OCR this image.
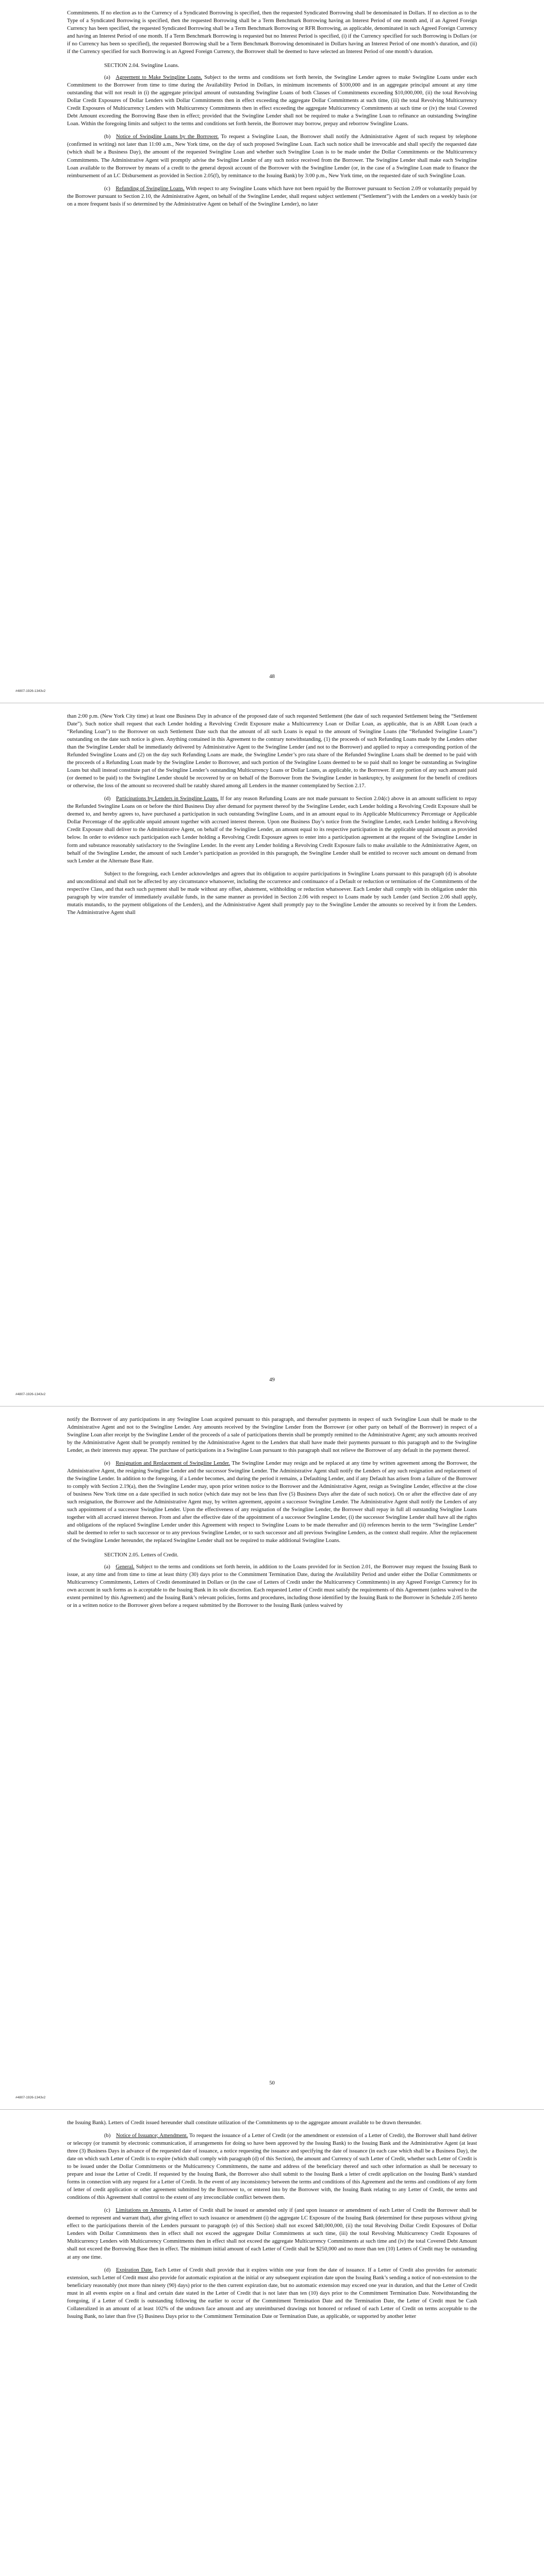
Commitments. If no election as to the Currency of a Syndicated Borrowing is specified, then the requested Syndicated Borrowing shall be denominated in Dollars. If no election as to the Type of a Syndicated Borrowing is specified, then the requested Borrowing shall be a Term Benchmark Borrowing having an Interest Period of one month and, if an Agreed Foreign Currency has been specified, the requested Syndicated Borrowing shall be a Term Benchmark Borrowing or RFR Borrowing, as applicable, denominated in such Agreed Foreign Currency and having an Interest Period of one month. If a Term Benchmark Borrowing is requested but no Interest Period is specified, (i) if the Currency specified for such Borrowing is Dollars (or if no Currency has been so specified), the requested Borrowing shall be a Term Benchmark Borrowing denominated in Dollars having an Interest Period of one month’s duration, and (ii) if the Currency specified for such Borrowing is an Agreed Foreign Currency, the Borrower shall be deemed to have selected an Interest Period of one month’s duration.

SECTION 2.04. Swingline Loans.

(a)  Agreement to Make Swingline Loans. Subject to the terms and conditions set forth herein, the Swingline Lender agrees to make Swingline Loans under each Commitment to the Borrower from time to time during the Availability Period in Dollars, in minimum increments of $100,000 and in an aggregate principal amount at any time outstanding that will not result in (i) the aggregate principal amount of outstanding Swingline Loans of both Classes of Commitments exceeding $10,000,000, (ii) the total Revolving Dollar Credit Exposures of Dollar Lenders with Dollar Commitments then in effect exceeding the aggregate Dollar Commitments at such time, (iii) the total Revolving Multicurrency Credit Exposures of Multicurrency Lenders with Multicurrency Commitments then in effect exceeding the aggregate Multicurrency Commitments at such time or (iv) the total Covered Debt Amount exceeding the Borrowing Base then in effect; provided that the Swingline Lender shall not be required to make a Swingline Loan to refinance an outstanding Swingline Loan. Within the foregoing limits and subject to the terms and conditions set forth herein, the Borrower may borrow, prepay and reborrow Swingline Loans.

(b)  Notice of Swingline Loans by the Borrower. To request a Swingline Loan, the Borrower shall notify the Administrative Agent of such request by telephone (confirmed in writing) not later than 11:00 a.m., New York time, on the day of such proposed Swingline Loan. Each such notice shall be irrevocable and shall specify the requested date (which shall be a Business Day), the amount of the requested Swingline Loan and whether such Swingline Loan is to be made under the Dollar Commitments or the Multicurrency Commitments. The Administrative Agent will promptly advise the Swingline Lender of any such notice received from the Borrower. The Swingline Lender shall make each Swingline Loan available to the Borrower by means of a credit to the general deposit account of the Borrower with the Swingline Lender (or, in the case of a Swingline Loan made to finance the reimbursement of an LC Disbursement as provided in Section 2.05(f), by remittance to the Issuing Bank) by 3:00 p.m., New York time, on the requested date of such Swingline Loan.

(c)  Refunding of Swingline Loans. With respect to any Swingline Loans which have not been repaid by the Borrower pursuant to Section 2.09 or voluntarily prepaid by the Borrower pursuant to Section 2.10, the Administrative Agent, on behalf of the Swingline Lender, shall request subject settlement (“Settlement”) with the Lenders on a weekly basis (or on a more frequent basis if so determined by the Administrative Agent on behalf of the Swingline Lender), no later

48
#4807-1926-1343v2

than 2:00 p.m. (New York City time) at least one Business Day in advance of the proposed date of such requested Settlement (the date of such requested Settlement being the “Settlement Date”). Such notice shall request that each Lender holding a Revolving Credit Exposure make a Multicurrency Loan or Dollar Loan, as applicable, that is an ABR Loan (each a “Refunding Loan”) to the Borrower on such Settlement Date such that the amount of all such Loans is equal to the amount of Swingline Loans (the “Refunded Swingline Loans”) outstanding on the date such notice is given. Anything contained in this Agreement to the contrary notwithstanding, (1) the proceeds of such Refunding Loans made by the Lenders other than the Swingline Lender shall be immediately delivered by Administrative Agent to the Swingline Lender (and not to the Borrower) and applied to repay a corresponding portion of the Refunded Swingline Loans and (2) on the day such Refunding Loans are made, the Swingline Lender’s pro rata share of the Refunded Swingline Loans shall be deemed to be paid with the proceeds of a Refunding Loan made by the Swingline Lender to Borrower, and such portion of the Swingline Loans deemed to be so paid shall no longer be outstanding as Swingline Loans but shall instead constitute part of the Swingline Lender’s outstanding Multicurrency Loans or Dollar Loans, as applicable, to the Borrower. If any portion of any such amount paid (or deemed to be paid) to the Swingline Lender should be recovered by or on behalf of the Borrower from the Swingline Lender in bankruptcy, by assignment for the benefit of creditors or otherwise, the loss of the amount so recovered shall be ratably shared among all Lenders in the manner contemplated by Section 2.17.

(d)  Participations by Lenders in Swingline Loans. If for any reason Refunding Loans are not made pursuant to Section 2.04(c) above in an amount sufficient to repay the Refunded Swingline Loans on or before the third Business Day after demand for payment thereof by the Swingline Lender, each Lender holding a Revolving Credit Exposure shall be deemed to, and hereby agrees to, have purchased a participation in such outstanding Swingline Loans, and in an amount equal to its Applicable Multicurrency Percentage or Applicable Dollar Percentage of the applicable unpaid amount together with accrued interest thereon. Upon one Business Day’s notice from the Swingline Lender, each Lender holding a Revolving Credit Exposure shall deliver to the Administrative Agent, on behalf of the Swingline Lender, an amount equal to its respective participation in the applicable unpaid amount as provided below. In order to evidence such participation each Lender holding a Revolving Credit Exposure agrees to enter into a participation agreement at the request of the Swingline Lender in form and substance reasonably satisfactory to the Swingline Lender. In the event any Lender holding a Revolving Credit Exposure fails to make available to the Administrative Agent, on behalf of the Swingline Lender, the amount of such Lender’s participation as provided in this paragraph, the Swingline Lender shall be entitled to recover such amount on demand from such Lender at the Alternate Base Rate.

Subject to the foregoing, each Lender acknowledges and agrees that its obligation to acquire participations in Swingline Loans pursuant to this paragraph (d) is absolute and unconditional and shall not be affected by any circumstance whatsoever, including the occurrence and continuance of a Default or reduction or termination of the Commitments of the respective Class, and that each such payment shall be made without any offset, abatement, withholding or reduction whatsoever. Each Lender shall comply with its obligation under this paragraph by wire transfer of immediately available funds, in the same manner as provided in Section 2.06 with respect to Loans made by such Lender (and Section 2.06 shall apply, mutatis mutandis, to the payment obligations of the Lenders), and the Administrative Agent shall promptly pay to the Swingline Lender the amounts so received by it from the Lenders. The Administrative Agent shall

49
#4807-1926-1343v2

notify the Borrower of any participations in any Swingline Loan acquired pursuant to this paragraph, and thereafter payments in respect of such Swingline Loan shall be made to the Administrative Agent and not to the Swingline Lender. Any amounts received by the Swingline Lender from the Borrower (or other party on behalf of the Borrower) in respect of a Swingline Loan after receipt by the Swingline Lender of the proceeds of a sale of participations therein shall be promptly remitted to the Administrative Agent; any such amounts received by the Administrative Agent shall be promptly remitted by the Administrative Agent to the Lenders that shall have made their payments pursuant to this paragraph and to the Swingline Lender, as their interests may appear. The purchase of participations in a Swingline Loan pursuant to this paragraph shall not relieve the Borrower of any default in the payment thereof.

(e)  Resignation and Replacement of Swingline Lender. The Swingline Lender may resign and be replaced at any time by written agreement among the Borrower, the Administrative Agent, the resigning Swingline Lender and the successor Swingline Lender. The Administrative Agent shall notify the Lenders of any such resignation and replacement of the Swingline Lender. In addition to the foregoing, if a Lender becomes, and during the period it remains, a Defaulting Lender, and if any Default has arisen from a failure of the Borrower to comply with Section 2.19(a), then the Swingline Lender may, upon prior written notice to the Borrower and the Administrative Agent, resign as Swingline Lender, effective at the close of business New York time on a date specified in such notice (which date may not be less than five (5) Business Days after the date of such notice). On or after the effective date of any such resignation, the Borrower and the Administrative Agent may, by written agreement, appoint a successor Swingline Lender. The Administrative Agent shall notify the Lenders of any such appointment of a successor Swingline Lender. Upon the effectiveness of any resignation of the Swingline Lender, the Borrower shall repay in full all outstanding Swingline Loans together with all accrued interest thereon. From and after the effective date of the appointment of a successor Swingline Lender, (i) the successor Swingline Lender shall have all the rights and obligations of the replaced Swingline Lender under this Agreement with respect to Swingline Loans to be made thereafter and (ii) references herein to the term “Swingline Lender” shall be deemed to refer to such successor or to any previous Swingline Lender, or to such successor and all previous Swingline Lenders, as the context shall require. After the replacement of the Swingline Lender hereunder, the replaced Swingline Lender shall not be required to make additional Swingline Loans.

SECTION 2.05. Letters of Credit.

(a)  General. Subject to the terms and conditions set forth herein, in addition to the Loans provided for in Section 2.01, the Borrower may request the Issuing Bank to issue, at any time and from time to time at least thirty (30) days prior to the Commitment Termination Date, during the Availability Period and under either the Dollar Commitments or Multicurrency Commitments, Letters of Credit denominated in Dollars or (in the case of Letters of Credit under the Multicurrency Commitments) in any Agreed Foreign Currency for its own account in such forms as is acceptable to the Issuing Bank in its sole discretion. Each requested Letter of Credit must satisfy the requirements of this Agreement (unless waived to the extent permitted by this Agreement) and the Issuing Bank’s relevant policies, forms and procedures, including those identified by the Issuing Bank to the Borrower in Schedule 2.05 hereto or in a written notice to the Borrower given before a request submitted by the Borrower to the Issuing Bank (unless waived by

50
#4807-1926-1343v2

the Issuing Bank). Letters of Credit issued hereunder shall constitute utilization of the Commitments up to the aggregate amount available to be drawn thereunder.

(b)  Notice of Issuance; Amendment. To request the issuance of a Letter of Credit (or the amendment or extension of a Letter of Credit), the Borrower shall hand deliver or telecopy (or transmit by electronic communication, if arrangements for doing so have been approved by the Issuing Bank) to the Issuing Bank and the Administrative Agent (at least three (3) Business Days in advance of the requested date of issuance, a notice requesting the issuance and specifying the date of issuance (in each case which shall be a Business Day), the date on which such Letter of Credit is to expire (which shall comply with paragraph (d) of this Section), the amount and Currency of such Letter of Credit, whether such Letter of Credit is to be issued under the Dollar Commitments or the Multicurrency Commitments, the name and address of the beneficiary thereof and such other information as shall be necessary to prepare and issue the Letter of Credit. If requested by the Issuing Bank, the Borrower also shall submit to the Issuing Bank a letter of credit application on the Issuing Bank’s standard forms in connection with any request for a Letter of Credit. In the event of any inconsistency between the terms and conditions of this Agreement and the terms and conditions of any form of letter of credit application or other agreement submitted by the Borrower to, or entered into by the Borrower with, the Issuing Bank relating to any Letter of Credit, the terms and conditions of this Agreement shall control to the extent of any irreconcilable conflict between them.

(c)  Limitations on Amounts. A Letter of Credit shall be issued or amended only if (and upon issuance or amendment of each Letter of Credit the Borrower shall be deemed to represent and warrant that), after giving effect to such issuance or amendment (i) the aggregate LC Exposure of the Issuing Bank (determined for these purposes without giving effect to the participations therein of the Lenders pursuant to paragraph (e) of this Section) shall not exceed $40,000,000, (ii) the total Revolving Dollar Credit Exposures of Dollar Lenders with Dollar Commitments then in effect shall not exceed the aggregate Dollar Commitments at such time, (iii) the total Revolving Multicurrency Credit Exposures of Multicurrency Lenders with Multicurrency Commitments then in effect shall not exceed the aggregate Multicurrency Commitments at such time and (iv) the total Covered Debt Amount shall not exceed the Borrowing Base then in effect. The minimum initial amount of each Letter of Credit shall be $250,000 and no more than ten (10) Letters of Credit may be outstanding at any one time.

(d)  Expiration Date. Each Letter of Credit shall provide that it expires within one year from the date of issuance. If a Letter of Credit also provides for automatic extension, such Letter of Credit must also provide for automatic expiration at the initial or any subsequent expiration date upon the Issuing Bank’s sending a notice of non-extension to the beneficiary reasonably (not more than ninety (90) days) prior to the then current expiration date, but no automatic extension may exceed one year in duration, and that the Letter of Credit must in all events expire on a final and certain date stated in the Letter of Credit that is not later than ten (10) days prior to the Commitment Termination Date. Notwithstanding the foregoing, if a Letter of Credit is outstanding following the earlier to occur of the Commitment Termination Date and the Termination Date, the Letter of Credit must be Cash Collateralized in an amount of at least 102% of the undrawn face amount and any unreimbursed drawings not honored or refused of each Letter of Credit on terms acceptable to the Issuing Bank, no later than five (5) Business Days prior to the Commitment Termination Date or Termination Date, as applicable, or supported by another letter
